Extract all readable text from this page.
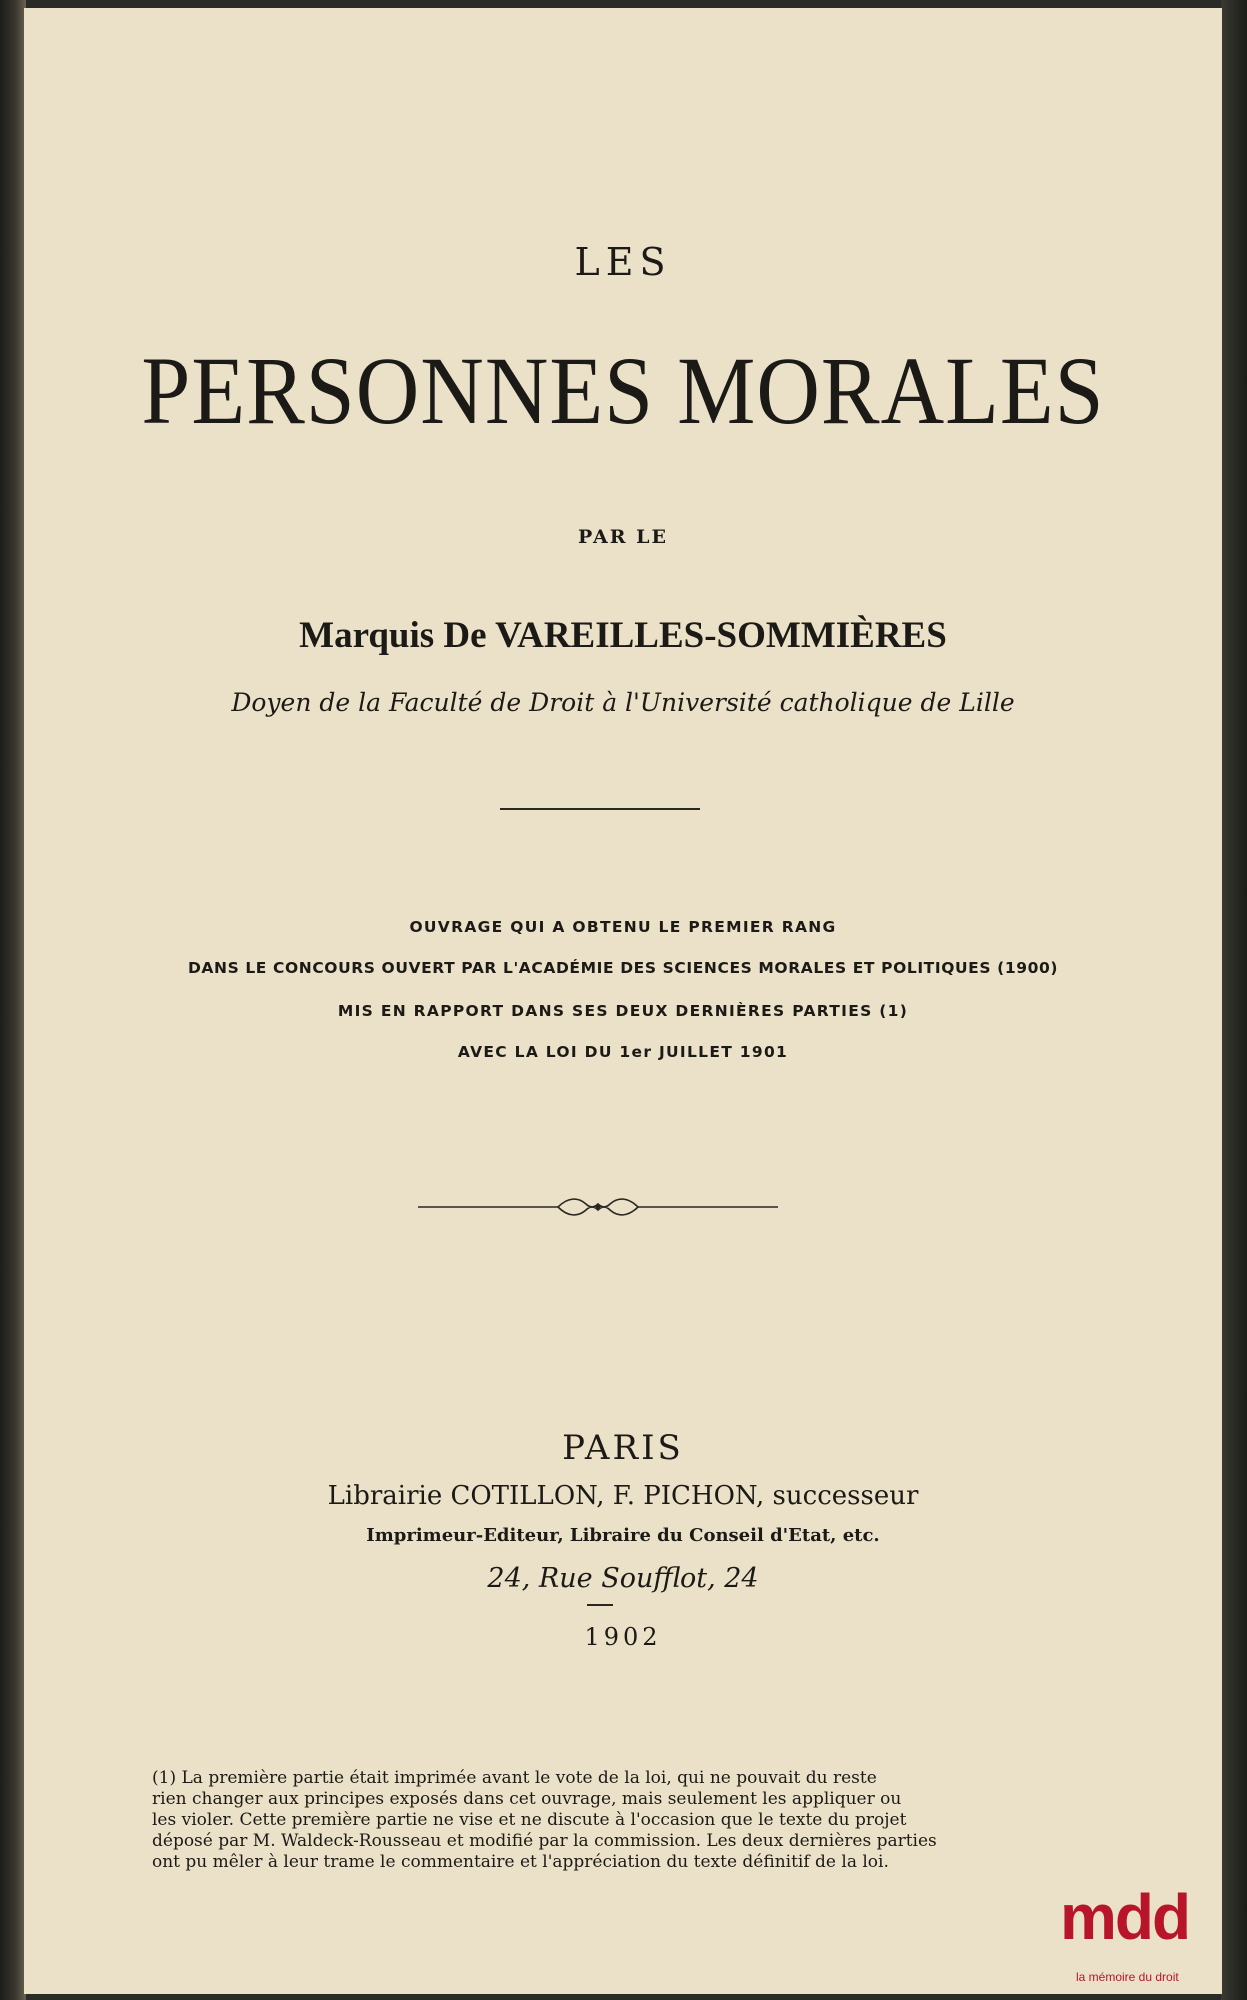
LES
PERSONNES MORALES
PAR LE
Marquis De VAREILLES-SOMMIÈRES
Doyen de la Faculté de Droit à l'Université catholique de Lille
OUVRAGE QUI A OBTENU LE PREMIER RANG
DANS LE CONCOURS OUVERT PAR L'ACADÉMIE DES SCIENCES MORALES ET POLITIQUES (1900)
MIS EN RAPPORT DANS SES DEUX DERNIÈRES PARTIES (1)
AVEC LA LOI DU 1er JUILLET 1901
PARIS
Librairie COTILLON, F. PICHON, successeur
Imprimeur-Editeur, Libraire du Conseil d'Etat, etc.
24, Rue Soufflot, 24
1902
(1) La première partie était imprimée avant le vote de la loi, qui ne pouvait du reste
rien changer aux principes exposés dans cet ouvrage, mais seulement les appliquer ou
les violer. Cette première partie ne vise et ne discute à l'occasion que le texte du projet
déposé par M. Waldeck-Rousseau et modifié par la commission. Les deux dernières parties
ont pu mêler à leur trame le commentaire et l'appréciation du texte définitif de la loi.
mdd
la mémoire du droit
